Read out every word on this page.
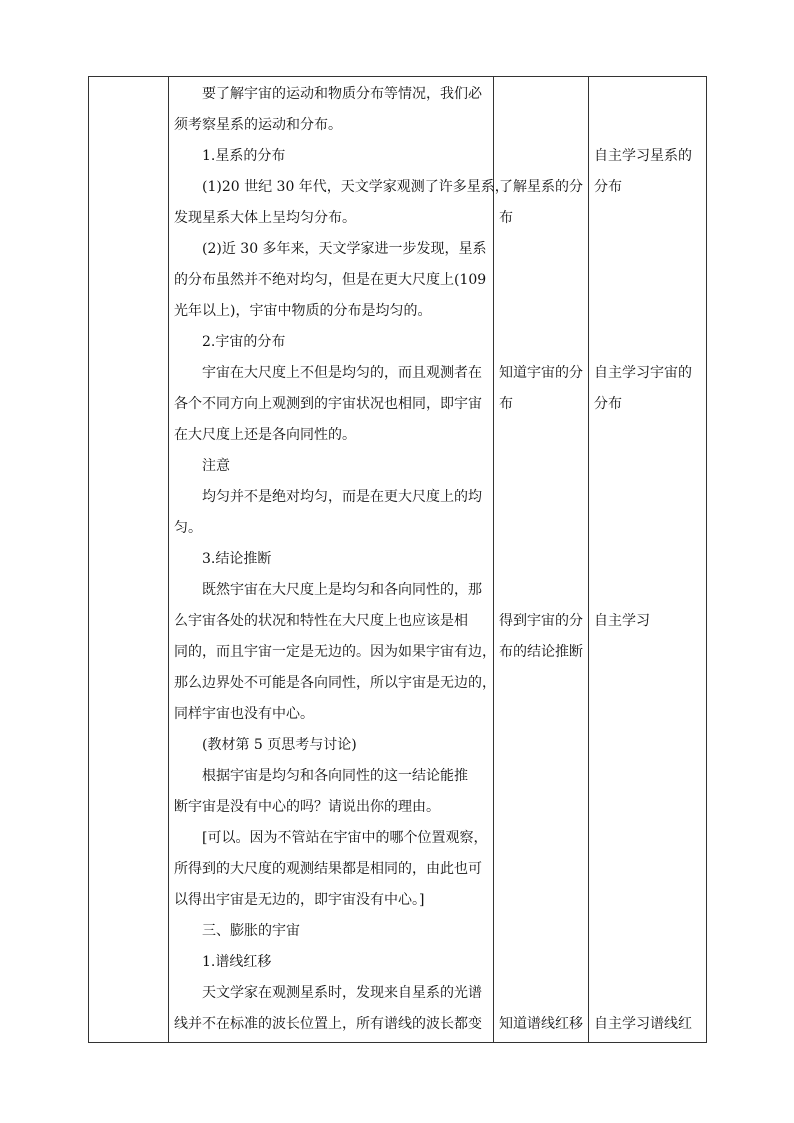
要了解宇宙的运动和物质分布等情况，我们必
须考察星系的运动和分布。
1.星系的分布
(1)20 世纪 30 年代，天文学家观测了许多星系，
发现星系大体上呈均匀分布。
(2)近 30 多年来，天文学家进一步发现，星系
的分布虽然并不绝对均匀，但是在更大尺度上(109
光年以上)，宇宙中物质的分布是均匀的。
2.宇宙的分布
宇宙在大尺度上不但是均匀的，而且观测者在
各个不同方向上观测到的宇宙状况也相同，即宇宙
在大尺度上还是各向同性的。
注意
均匀并不是绝对均匀，而是在更大尺度上的均
匀。
3.结论推断
既然宇宙在大尺度上是均匀和各向同性的，那
么宇宙各处的状况和特性在大尺度上也应该是相
同的，而且宇宙一定是无边的。因为如果宇宙有边，
那么边界处不可能是各向同性，所以宇宙是无边的，
同样宇宙也没有中心。
(教材第 5 页思考与讨论)
根据宇宙是均匀和各向同性的这一结论能推
断宇宙是没有中心的吗？请说出你的理由。
[可以。因为不管站在宇宙中的哪个位置观察，
所得到的大尺度的观测结果都是相同的，由此也可
以得出宇宙是无边的，即宇宙没有中心。]
三、膨胀的宇宙
1.谱线红移
天文学家在观测星系时，发现来自星系的光谱
线并不在标准的波长位置上，所有谱线的波长都变
了解星系的分
布
知道宇宙的分
布
得到宇宙的分
布的结论推断
知道谱线红移
自主学习星系的
分布
自主学习宇宙的
分布
自主学习
自主学习谱线红
